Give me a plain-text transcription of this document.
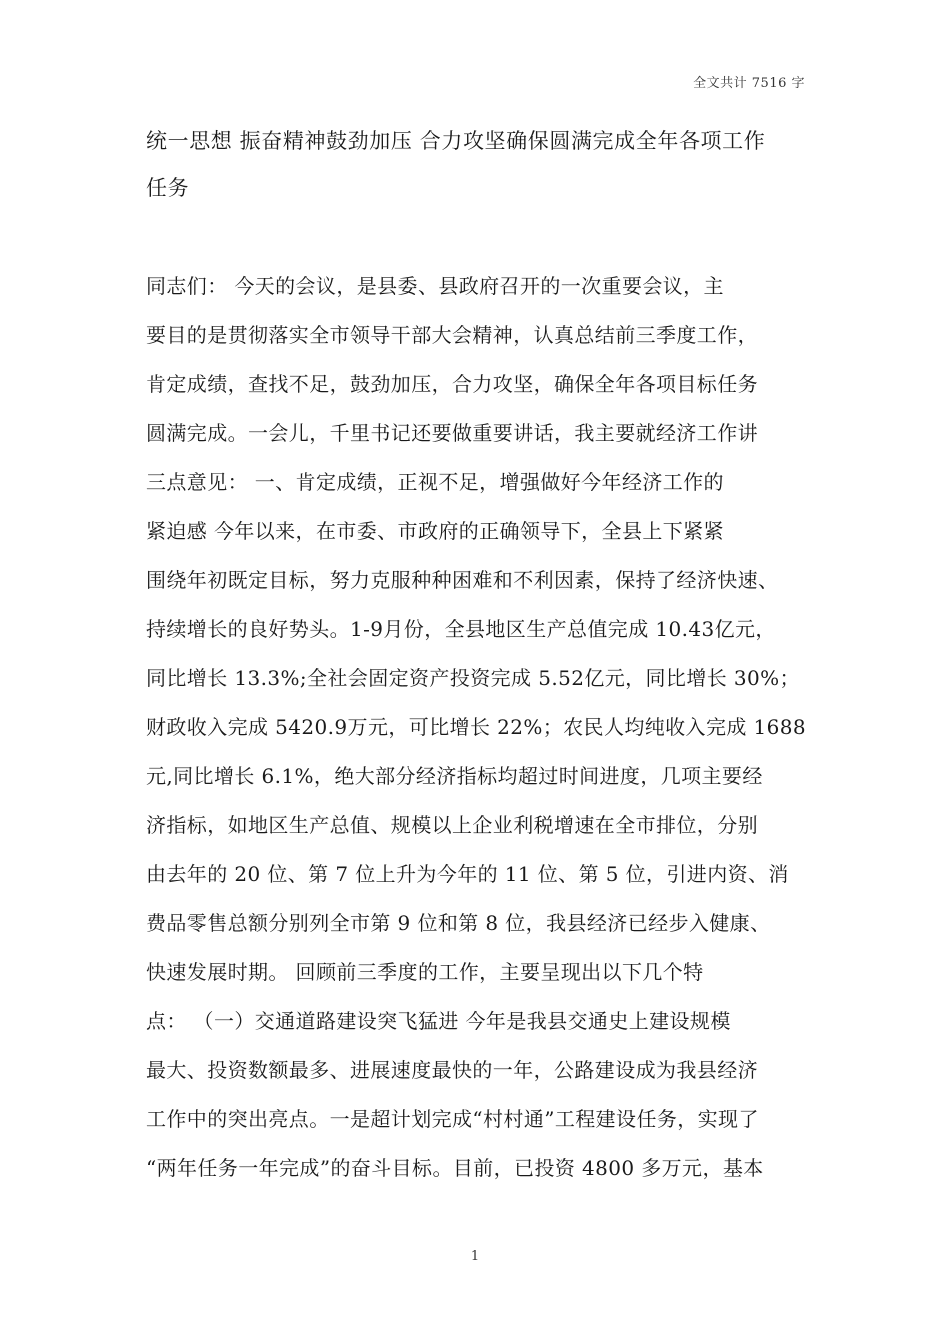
全文共计 7516 字
统一思想 振奋精神鼓劲加压 合力攻坚确保圆满完成全年各项工作
任务
同志们： 今天的会议，是县委、县政府召开的一次重要会议，主
要目的是贯彻落实全市领导干部大会精神，认真总结前三季度工作，
肯定成绩，查找不足，鼓劲加压，合力攻坚，确保全年各项目标任务
圆满完成。一会儿，千里书记还要做重要讲话，我主要就经济工作讲
三点意见： 一、肯定成绩，正视不足，增强做好今年经济工作的
紧迫感 今年以来，在市委、市政府的正确领导下，全县上下紧紧
围绕年初既定目标，努力克服种种困难和不利因素，保持了经济快速、
持续增长的良好势头。1-9月份，全县地区生产总值完成 10.43亿元，
同比增长 13.3%;全社会固定资产投资完成 5.52亿元，同比增长 30%；
财政收入完成 5420.9万元，可比增长 22%；农民人均纯收入完成 1688
元,同比增长 6.1%，绝大部分经济指标均超过时间进度，几项主要经
济指标，如地区生产总值、规模以上企业利税增速在全市排位，分别
由去年的 20 位、第 7 位上升为今年的 11 位、第 5 位，引进内资、消
费品零售总额分别列全市第 9 位和第 8 位，我县经济已经步入健康、
快速发展时期。 回顾前三季度的工作，主要呈现出以下几个特
点： （一）交通道路建设突飞猛进 今年是我县交通史上建设规模
最大、投资数额最多、进展速度最快的一年，公路建设成为我县经济
工作中的突出亮点。一是超计划完成“村村通”工程建设任务，实现了
“两年任务一年完成”的奋斗目标。目前，已投资 4800 多万元，基本
1
